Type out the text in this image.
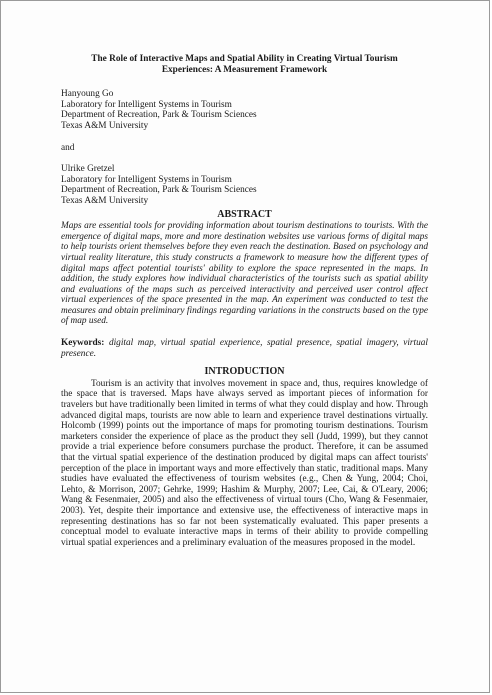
The Role of Interactive Maps and Spatial Ability in Creating Virtual Tourism
Experiences: A Measurement Framework
Hanyoung Go
Laboratory for Intelligent Systems in Tourism
Department of Recreation, Park & Tourism Sciences
Texas A&M University
and
Ulrike Gretzel
Laboratory for Intelligent Systems in Tourism
Department of Recreation, Park & Tourism Sciences
Texas A&M University
ABSTRACT

Maps are essential tools for providing information about tourism destinations to tourists. With the emergence of digital maps, more and more destination websites use various forms of digital maps to help tourists orient themselves before they even reach the destination. Based on psychology and virtual reality literature, this study constructs a framework to measure how the different types of digital maps affect potential tourists' ability to explore the space represented in the maps. In addition, the study explores how individual characteristics of the tourists such as spatial ability and evaluations of the maps such as perceived interactivity and perceived user control affect virtual experiences of the space presented in the map. An experiment was conducted to test the measures and obtain preliminary findings regarding variations in the constructs based on the type of map used.

Keywords: digital map, virtual spatial experience, spatial presence, spatial imagery, virtual presence.

INTRODUCTION

Tourism is an activity that involves movement in space and, thus, requires knowledge of the space that is traversed. Maps have always served as important pieces of information for travelers but have traditionally been limited in terms of what they could display and how. Through advanced digital maps, tourists are now able to learn and experience travel destinations virtually. Holcomb (1999) points out the importance of maps for promoting tourism destinations. Tourism marketers consider the experience of place as the product they sell (Judd, 1999), but they cannot provide a trial experience before consumers purchase the product. Therefore, it can be assumed that the virtual spatial experience of the destination produced by digital maps can affect tourists' perception of the place in important ways and more effectively than static, traditional maps. Many studies have evaluated the effectiveness of tourism websites (e.g., Chen & Yung, 2004; Choi, Lehto, & Morrison, 2007; Gehrke, 1999; Hashim & Murphy, 2007; Lee, Cai, & O'Leary, 2006; Wang & Fesenmaier, 2005) and also the effectiveness of virtual tours (Cho, Wang & Fesenmaier, 2003). Yet, despite their importance and extensive use, the effectiveness of interactive maps in representing destinations has so far not been systematically evaluated. This paper presents a conceptual model to evaluate interactive maps in terms of their ability to provide compelling virtual spatial experiences and a preliminary evaluation of the measures proposed in the model.
